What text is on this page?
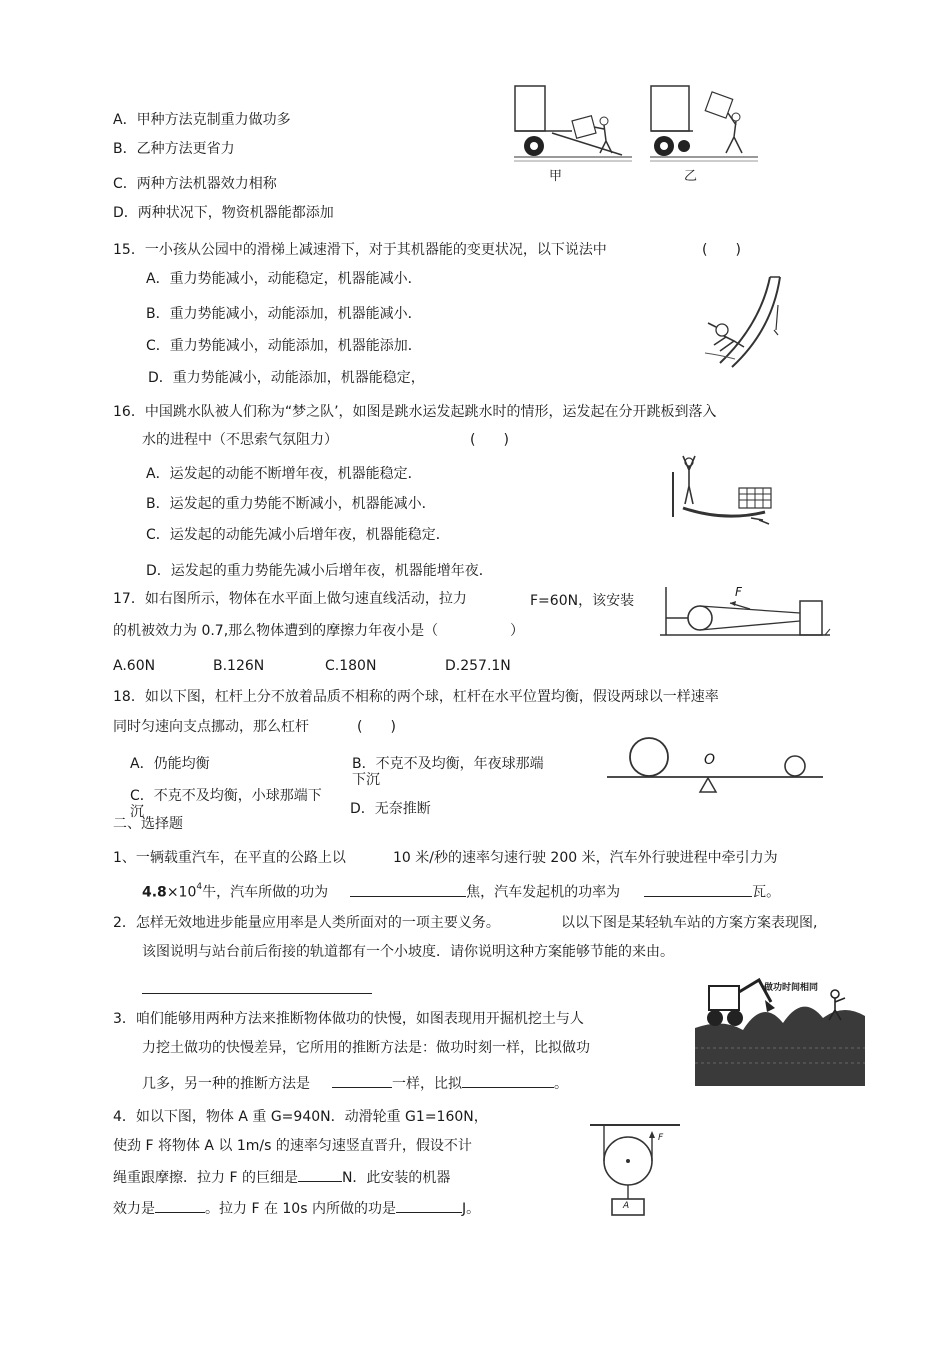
A．甲种方法克制重力做功多
B．乙种方法更省力
C．两种方法机器效力相称
D．两种状况下，物资机器能都添加
甲	乙
15．一小孩从公园中的滑梯上减速滑下，对于其机器能的变更状况，以下说法中	(　　)
A．重力势能减小，动能稳定，机器能减小．
B．重力势能减小，动能添加，机器能减小．
C．重力势能减小，动能添加，机器能添加．
D．重力势能减小，动能添加，机器能稳定，
16．中国跳水队被人们称为“梦之队’，如图是跳水运发起跳水时的情形，运发起在分开跳板到落入
水的进程中（不思索气氛阻力）	(　　)
A．运发起的动能不断增年夜，机器能稳定．
B．运发起的重力势能不断减小，机器能减小．
C．运发起的动能先减小后增年夜，机器能稳定．
D．运发起的重力势能先减小后增年夜，机器能增年夜．
17．如右图所示，物体在水平面上做匀速直线活动，拉力	F=60N，该安装
的机被效力为 0.7,那么物体遭到的摩擦力年夜小是（	）
A.60N	B.126N	C.180N	D.257.1N
F
18．如以下图，杠杆上分不放着品质不相称的两个球，杠杆在水平位置均衡，假设两球以一样速率
同时匀速向支点挪动，那么杠杆	(　　)
A．仍能均衡	B．不克不及均衡，年夜球那端
下沉
C．不克不及均衡，小球那端下
沉	D．无奈推断
O
二、选择题
1、一辆载重汽车，在平直的公路上以	10 米/秒的速率匀速行驶 200 米，汽车外行驶进程中牵引力为
$4.8\times 10^4$牛，汽车所做的功为	焦，汽车发起机的功率为	瓦。
2．怎样无效地进步能量应用率是人类所面对的一项主要义务。	以以下图是某轻轨车站的方案方案表现图,
该图说明与站台前后衔接的轨道都有一个小坡度．请你说明这种方案能够节能的来由。
3．咱们能够用两种方法来推断物体做功的快慢，如图表现用开掘机挖土与人
力挖土做功的快慢差异，它所用的推断方法是：做功时刻一样，比拟做功
几多，另一种的推断方法是	一样，比拟	。
做功时间相同
4．如以下图，物体 A 重 G=940N．动滑轮重 G1=160N，
使劲 F 将物体 A 以 1m/s 的速率匀速竖直晋升，假设不计
绳重跟摩擦．拉力 F 的巨细是	N．此安装的机器
效力是	。拉力 F 在 10s 内所做的功是	J。
F
A
